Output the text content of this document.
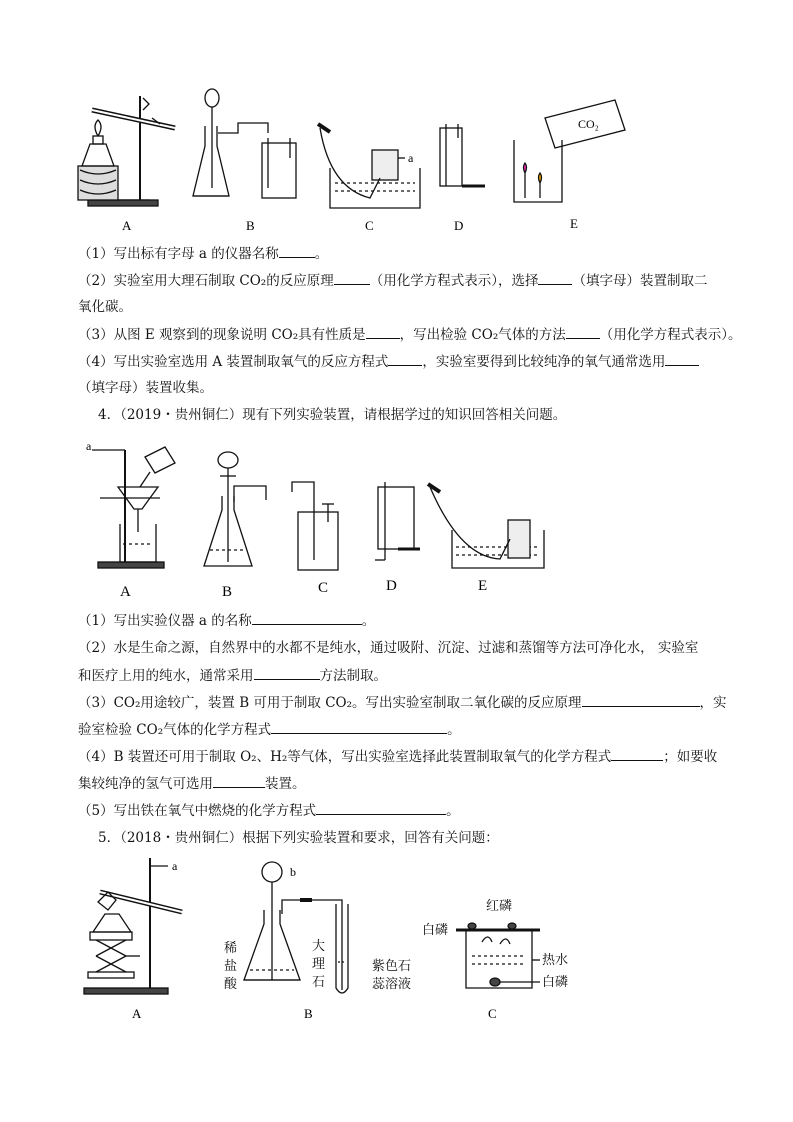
a
CO₂
A	B	C	D	E
（1）写出标有字母 a 的仪器名称	。
（2）实验室用大理石制取 CO₂的反应原理	（用化学方程式表示），选择	（填字母）装置制取二
氧化碳。
（3）从图 E 观察到的现象说明 CO₂具有性质是	，写出检验 CO₂气体的方法	（用化学方程式表示）。
（4）写出实验室选用 A 装置制取氧气的反应方程式	，实验室要得到比较纯净的氧气通常选用
（填字母）装置收集。
4．（2019・贵州铜仁）现有下列实验装置，请根据学过的知识回答相关问题。
a
A	B	C	D	E
（1）写出实验仪器 a 的名称	。
（2）水是生命之源，自然界中的水都不是纯水，通过吸附、沉淀、过滤和蒸馏等方法可净化水， 实验室
和医疗上用的纯水，通常采用	方法制取。
（3）CO₂用途较广，装置 B 可用于制取 CO₂。写出实验室制取二氧化碳的反应原理	，实
验室检验 CO₂气体的化学方程式	。
（4）B 装置还可用于制取 O₂、H₂等气体，写出实验室选择此装置制取氧气的化学方程式	；如要收
集较纯净的氢气可选用	装置。
（5）写出铁在氧气中燃烧的化学方程式	。
5．（2018・贵州铜仁）根据下列实验装置和要求，回答有关问题：
a	b
稀
盐
酸
大
理
石
紫色石
蕊溶液
白磷
红磷
热水
白磷
A	B	C
